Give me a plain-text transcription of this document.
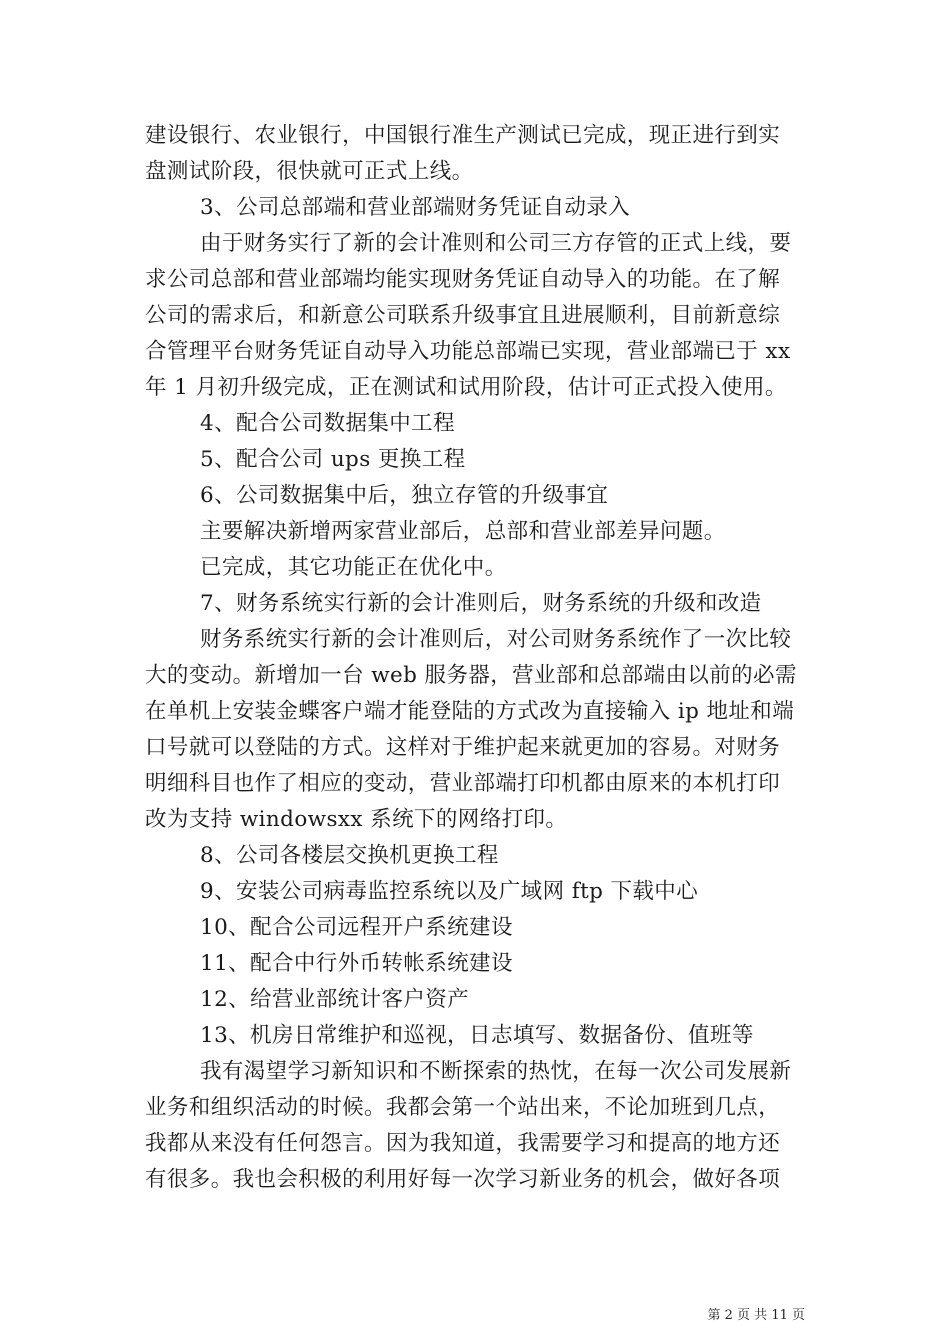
建设银行、农业银行，中国银行准生产测试已完成，现正进行到实
盘测试阶段，很快就可正式上线。
3、公司总部端和营业部端财务凭证自动录入
由于财务实行了新的会计准则和公司三方存管的正式上线，要
求公司总部和营业部端均能实现财务凭证自动导入的功能。在了解
公司的需求后，和新意公司联系升级事宜且进展顺利，目前新意综
合管理平台财务凭证自动导入功能总部端已实现，营业部端已于 xx
年 1 月初升级完成，正在测试和试用阶段，估计可正式投入使用。
4、配合公司数据集中工程
5、配合公司 ups 更换工程
6、公司数据集中后，独立存管的升级事宜
主要解决新增两家营业部后，总部和营业部差异问题。
已完成，其它功能正在优化中。
7、财务系统实行新的会计准则后，财务系统的升级和改造
财务系统实行新的会计准则后，对公司财务系统作了一次比较
大的变动。新增加一台 web 服务器，营业部和总部端由以前的必需
在单机上安装金蝶客户端才能登陆的方式改为直接输入 ip 地址和端
口号就可以登陆的方式。这样对于维护起来就更加的容易。对财务
明细科目也作了相应的变动，营业部端打印机都由原来的本机打印
改为支持 windowsxx 系统下的网络打印。
8、公司各楼层交换机更换工程
9、安装公司病毒监控系统以及广域网 ftp 下载中心
10、配合公司远程开户系统建设
11、配合中行外币转帐系统建设
12、给营业部统计客户资产
13、机房日常维护和巡视，日志填写、数据备份、值班等
我有渴望学习新知识和不断探索的热忱，在每一次公司发展新
业务和组织活动的时候。我都会第一个站出来，不论加班到几点，
我都从来没有任何怨言。因为我知道，我需要学习和提高的地方还
有很多。我也会积极的利用好每一次学习新业务的机会，做好各项
第 2 页 共 11 页
